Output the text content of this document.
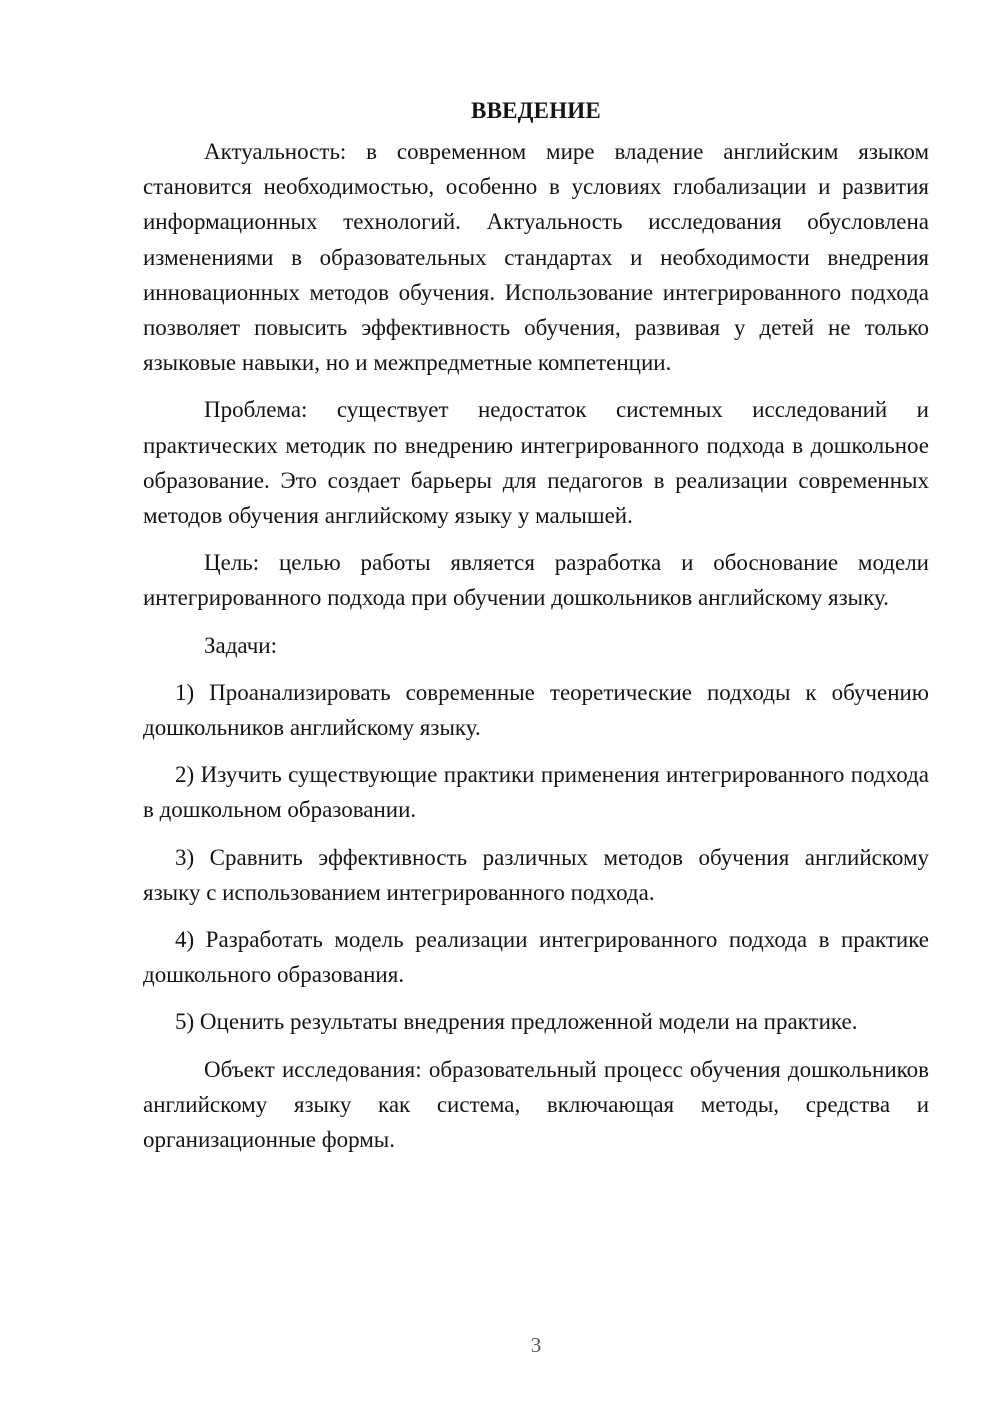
ВВЕДЕНИЕ

Актуальность: в современном мире владение английским языком становится необходимостью, особенно в условиях глобализации и развития информационных технологий. Актуальность исследования обусловлена изменениями в образовательных стандартах и необходимости внедрения инновационных методов обучения. Использование интегрированного подхода позволяет повысить эффективность обучения, развивая у детей не только языковые навыки, но и межпредметные компетенции.

Проблема: существует недостаток системных исследований и практических методик по внедрению интегрированного подхода в дошкольное образование. Это создает барьеры для педагогов в реализации современных методов обучения английскому языку у малышей.

Цель: целью работы является разработка и обоснование модели интегрированного подхода при обучении дошкольников английскому языку.

Задачи:

1) Проанализировать современные теоретические подходы к обучению дошкольников английскому языку.

2) Изучить существующие практики применения интегрированного подхода в дошкольном образовании.

3) Сравнить эффективность различных методов обучения английскому языку с использованием интегрированного подхода.

4) Разработать модель реализации интегрированного подхода в практике дошкольного образования.

5) Оценить результаты внедрения предложенной модели на практике.

Объект исследования: образовательный процесс обучения дошкольников английскому языку как система, включающая методы, средства и организационные формы.

3
